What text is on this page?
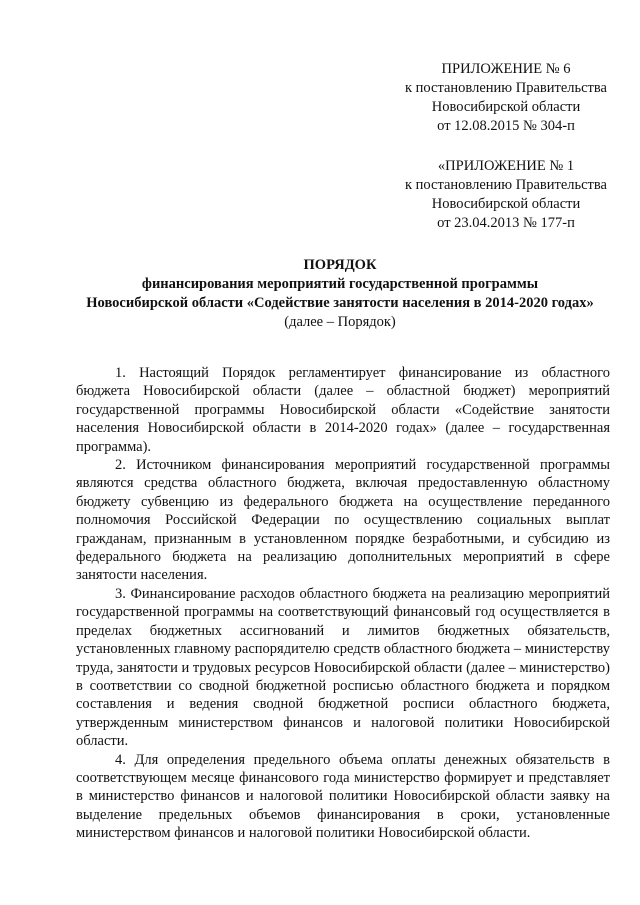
ПРИЛОЖЕНИЕ № 6
к постановлению Правительства
Новосибирской области
от 12.08.2015 № 304-п
«ПРИЛОЖЕНИЕ № 1
к постановлению Правительства
Новосибирской области
от 23.04.2013 № 177-п
ПОРЯДОК
финансирования мероприятий государственной программы
Новосибирской области «Содействие занятости населения в 2014-2020 годах»
(далее – Порядок)

1. Настоящий Порядок регламентирует финансирование из областного бюджета Новосибирской области (далее – областной бюджет) мероприятий государственной программы Новосибирской области «Содействие занятости населения Новосибирской области в 2014-2020 годах» (далее – государственная программа).

2. Источником финансирования мероприятий государственной программы являются средства областного бюджета, включая предоставленную областному бюджету субвенцию из федерального бюджета на осуществление переданного полномочия Российской Федерации по осуществлению социальных выплат гражданам, признанным в установленном порядке безработными, и субсидию из федерального бюджета на реализацию дополнительных мероприятий в сфере занятости населения.

3. Финансирование расходов областного бюджета на реализацию мероприятий государственной программы на соответствующий финансовый год осуществляется в пределах бюджетных ассигнований и лимитов бюджетных обязательств, установленных главному распорядителю средств областного бюджета – министерству труда, занятости и трудовых ресурсов Новосибирской области (далее – министерство) в соответствии со сводной бюджетной росписью областного бюджета и порядком составления и ведения сводной бюджетной росписи областного бюджета, утвержденным министерством финансов и налоговой политики Новосибирской области.

4. Для определения предельного объема оплаты денежных обязательств в соответствующем месяце финансового года министерство формирует и представляет в министерство финансов и налоговой политики Новосибирской области заявку на выделение предельных объемов финансирования в сроки, установленные министерством финансов и налоговой политики Новосибирской области.
